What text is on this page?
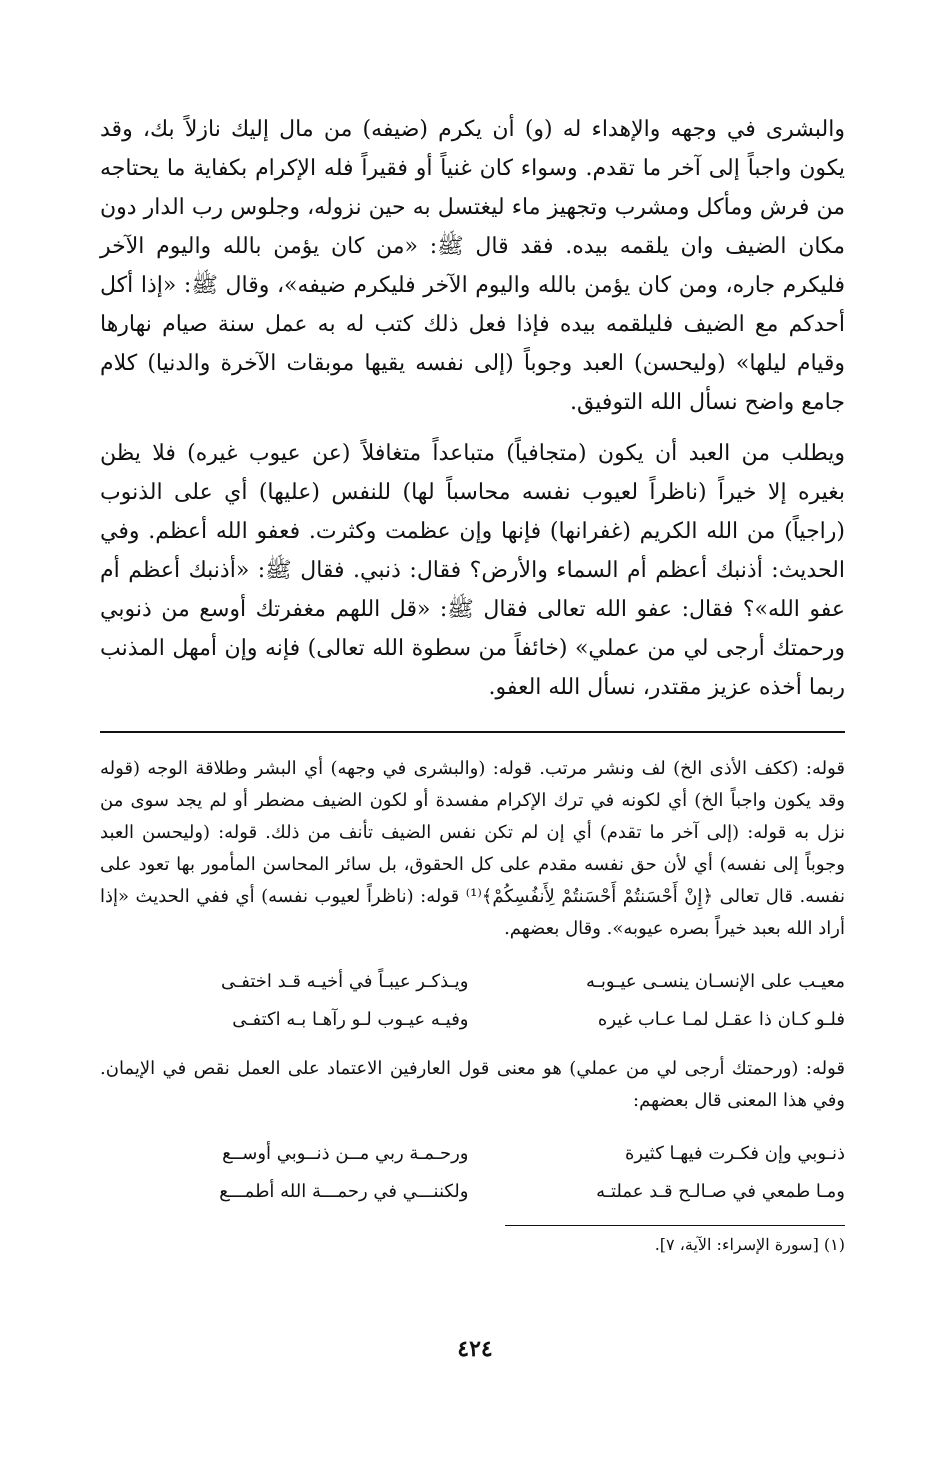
والبشرى في وجهه والإهداء له (و) أن يكرم (ضيفه) من مال إليك نازلاً بك، وقد يكون واجباً إلى آخر ما تقدم. وسواء كان غنياً أو فقيراً فله الإكرام بكفاية ما يحتاجه من فرش ومأكل ومشرب وتجهيز ماء ليغتسل به حين نزوله، وجلوس رب الدار دون مكان الضيف وان يلقمه بيده. فقد قال ﷺ: «من كان يؤمن بالله واليوم الآخر فليكرم جاره، ومن كان يؤمن بالله واليوم الآخر فليكرم ضيفه»، وقال ﷺ: «إذا أكل أحدكم مع الضيف فليلقمه بيده فإذا فعل ذلك كتب له به عمل سنة صيام نهارها وقيام ليلها» (وليحسن) العبد وجوباً (إلى نفسه يقيها موبقات الآخرة والدنيا) كلام جامع واضح نسأل الله التوفيق.

ويطلب من العبد أن يكون (متجافياً) متباعداً متغافلاً (عن عيوب غيره) فلا يظن بغيره إلا خيراً (ناظراً لعيوب نفسه محاسباً لها) للنفس (عليها) أي على الذنوب (راجياً) من الله الكريم (غفرانها) فإنها وإن عظمت وكثرت. فعفو الله أعظم. وفي الحديث: أذنبك أعظم أم السماء والأرض؟ فقال: ذنبي. فقال ﷺ: «أذنبك أعظم أم عفو الله»؟ فقال: عفو الله تعالى فقال ﷺ: «قل اللهم مغفرتك أوسع من ذنوبي ورحمتك أرجى لي من عملي» (خائفاً من سطوة الله تعالى) فإنه وإن أمهل المذنب ربما أخذه عزيز مقتدر، نسأل الله العفو.

قوله: (ككف الأذى الخ) لف ونشر مرتب. قوله: (والبشرى في وجهه) أي البشر وطلاقة الوجه (قوله وقد يكون واجباً الخ) أي لكونه في ترك الإكرام مفسدة أو لكون الضيف مضطر أو لم يجد سوى من نزل به قوله: (إلى آخر ما تقدم) أي إن لم تكن نفس الضيف تأنف من ذلك. قوله: (وليحسن العبد وجوباً إلى نفسه) أي لأن حق نفسه مقدم على كل الحقوق، بل سائر المحاسن المأمور بها تعود على نفسه. قال تعالى ﴿إِنْ أَحْسَنتُمْ أَحْسَنتُمْ لِأَنفُسِكُمْ﴾⁽¹⁾ قوله: (ناظراً لعيوب نفسه) أي ففي الحديث «إذا أراد الله بعبد خيراً بصره عيوبه». وقال بعضهم.

معيـب على الإنسـان ينسـى عيـوبـه	ويـذكـر عيبـاً في أخيـه قـد اختفـى
فلـو كـان ذا عقـل لمـا عـاب غيره	وفيـه عيـوب لـو رآهـا بـه اكتفـى

قوله: (ورحمتك أرجى لي من عملي) هو معنى قول العارفين الاعتماد على العمل نقص في الإيمان. وفي هذا المعنى قال بعضهم:

ذنـوبي وإن فكـرت فيهـا كثيرة	ورحـمـة ربي مــن ذنــوبي أوســع
ومـا طمعي في صـالـح قـد عملتـه	ولكننـــي في رحمـــة الله أطمـــع

(١) [سورة الإسراء: الآية، ٧].

٤٢٤
